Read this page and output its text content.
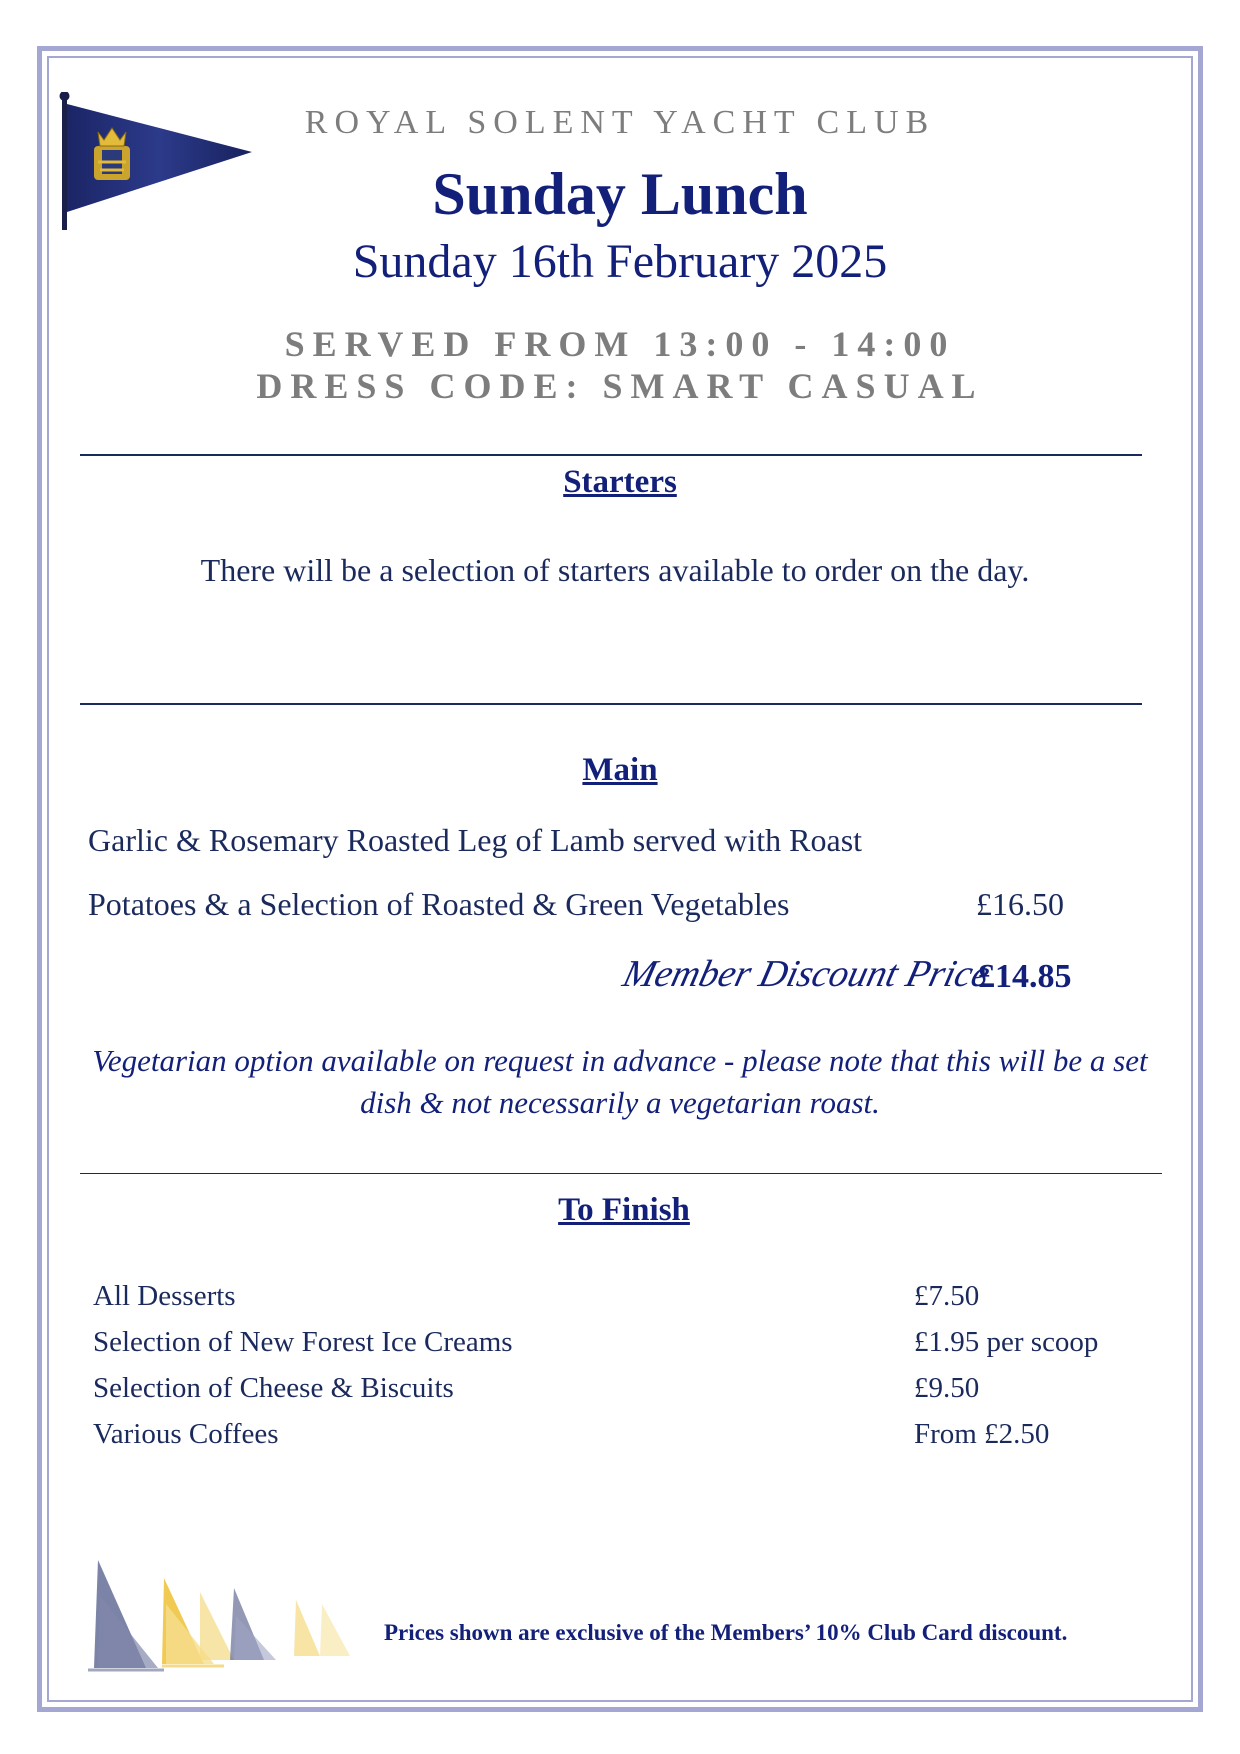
ROYAL SOLENT YACHT CLUB
Sunday Lunch
Sunday 16th February 2025
SERVED FROM 13:00 - 14:00
DRESS CODE: SMART CASUAL
Starters
There will be a selection of starters available to order on the day.
Main
Garlic & Rosemary Roasted Leg of Lamb served with Roast
Potatoes & a Selection of Roasted & Green Vegetables	£16.50
Member Discount Price
£14.85
Vegetarian option available on request in advance - please note that this will be a set
dish & not necessarily a vegetarian roast.
To Finish
All Desserts	£7.50
Selection of New Forest Ice Creams	£1.95 per scoop
Selection of Cheese & Biscuits	£9.50
Various Coffees	From £2.50
Prices shown are exclusive of the Members’ 10% Club Card discount.
